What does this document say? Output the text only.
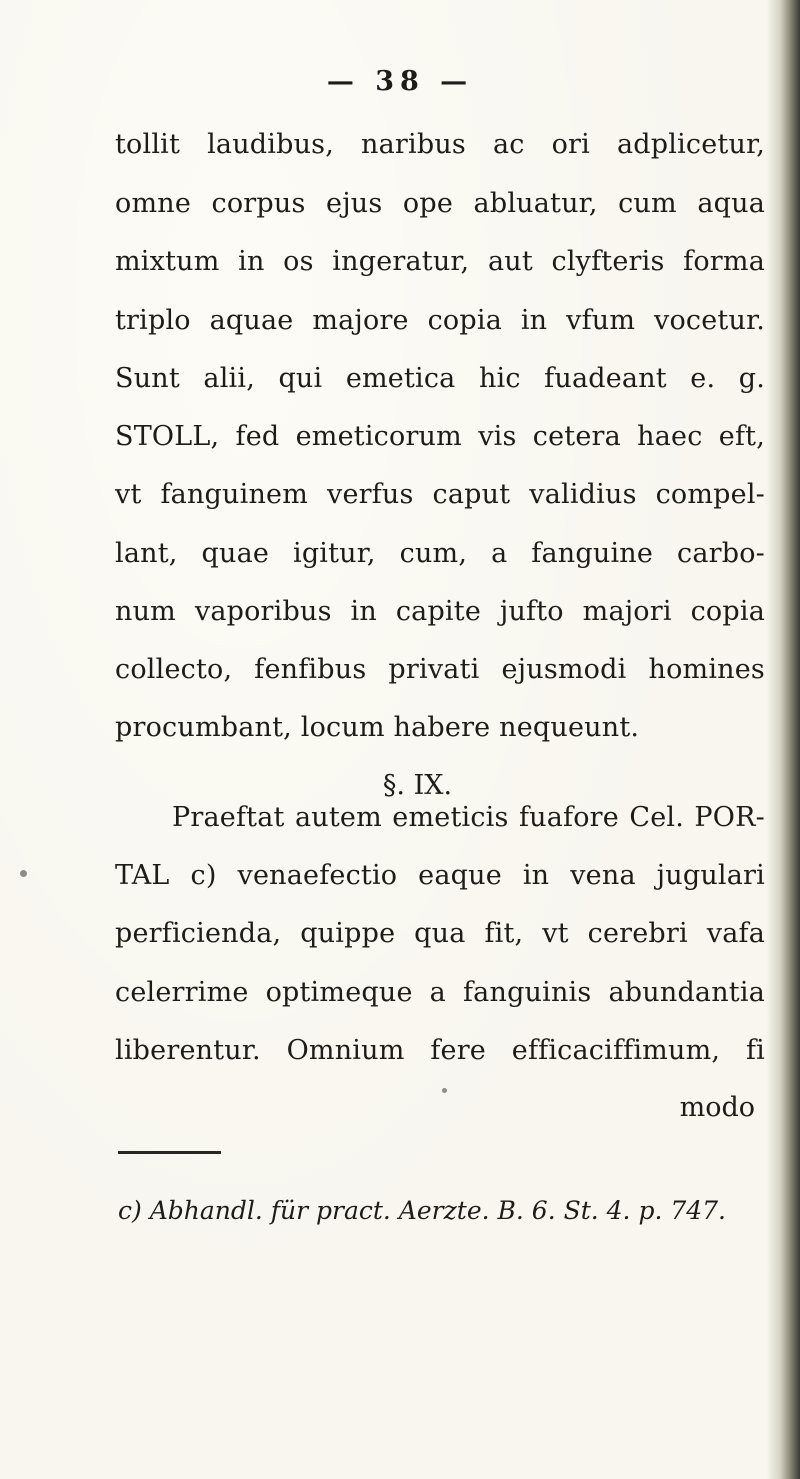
— 38 —
tollit laudibus, naribus ac ori adplicetur,
omne corpus ejus ope abluatur, cum aqua
mixtum in os ingeratur, aut clyfteris forma
triplo aquae majore copia in vfum vocetur.
Sunt alii, qui emetica hic fuadeant e. g.
STOLL, fed emeticorum vis cetera haec eft,
vt fanguinem verfus caput validius compel-
lant, quae igitur, cum, a fanguine carbo-
num vaporibus in capite jufto majori copia
collecto, fenfibus privati ejusmodi homines
procumbant, locum habere nequeunt.
§. IX.
Praeftat autem emeticis fuafore Cel. POR-
TAL c) venaefectio eaque in vena jugulari
perficienda, quippe qua fit, vt cerebri vafa
celerrime optimeque a fanguinis abundantia
liberentur. Omnium fere efficaciffimum, fi
modo
c) Abhandl. für pract. Aerzte. B. 6. St. 4. p. 747.
